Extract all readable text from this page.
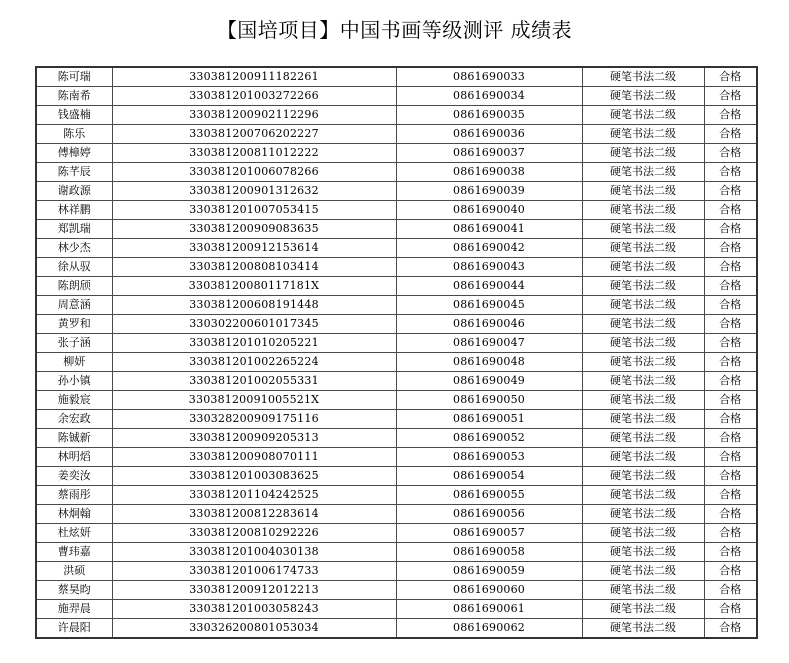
【国培项目】中国书画等级测评 成绩表
陈可瑞	330381200911182261	0861690033	硬笔书法二级	合格
陈南希	330381201003272266	0861690034	硬笔书法二级	合格
钱盛楠	330381200902112296	0861690035	硬笔书法二级	合格
陈乐	330381200706202227	0861690036	硬笔书法二级	合格
傅樟婷	330381200811012222	0861690037	硬笔书法二级	合格
陈芊辰	330381201006078266	0861690038	硬笔书法二级	合格
谢政源	330381200901312632	0861690039	硬笔书法二级	合格
林祥鹏	330381201007053415	0861690040	硬笔书法二级	合格
郑凯瑞	330381200909083635	0861690041	硬笔书法二级	合格
林少杰	330381200912153614	0861690042	硬笔书法二级	合格
徐从驭	330381200808103414	0861690043	硬笔书法二级	合格
陈朗颀	33038120080117181X	0861690044	硬笔书法二级	合格
周意涵	330381200608191448	0861690045	硬笔书法二级	合格
黄罗和	330302200601017345	0861690046	硬笔书法二级	合格
张子涵	330381201010205221	0861690047	硬笔书法二级	合格
柳妍	330381201002265224	0861690048	硬笔书法二级	合格
孙小镇	330381201002055331	0861690049	硬笔书法二级	合格
施毅宸	33038120091005521X	0861690050	硬笔书法二级	合格
余宏政	330328200909175116	0861690051	硬笔书法二级	合格
陈铖新	330381200909205313	0861690052	硬笔书法二级	合格
林明熖	330381200908070111	0861690053	硬笔书法二级	合格
姜奕汝	330381201003083625	0861690054	硬笔书法二级	合格
蔡雨彤	330381201104242525	0861690055	硬笔书法二级	合格
林炯翰	330381200812283614	0861690056	硬笔书法二级	合格
杜炫妍	330381200810292226	0861690057	硬笔书法二级	合格
曹玮嘉	330381201004030138	0861690058	硬笔书法二级	合格
洪硕	330381201006174733	0861690059	硬笔书法二级	合格
蔡昊昀	330381200912012213	0861690060	硬笔书法二级	合格
施羿晨	330381201003058243	0861690061	硬笔书法二级	合格
许晨阳	330326200801053034	0861690062	硬笔书法二级	合格
